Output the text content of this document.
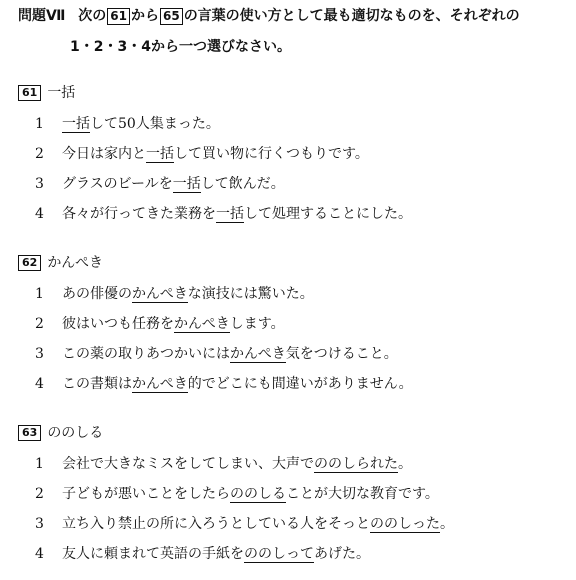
問題Ⅶ 次の 61 から 65 の言葉の使い方として最も適切なものを、それぞれの
1・2・3・4から一つ選びなさい。
61 一括
1 一括して50人集まった。
2 今日は家内と一括して買い物に行くつもりです。
3 グラスのビールを一括して飲んだ。
4 各々が行ってきた業務を一括して処理することにした。
62 かんぺき
1 あの俳優のかんぺきな演技には驚いた。
2 彼はいつも任務をかんぺきします。
3 この薬の取りあつかいにはかんぺき気をつけること。
4 この書類はかんぺき的でどこにも間違いがありません。
63 ののしる
1 会社で大きなミスをしてしまい、大声でののしられた。
2 子どもが悪いことをしたらののしることが大切な教育です。
3 立ち入り禁止の所に入ろうとしている人をそっとののしった。
4 友人に頼まれて英語の手紙をののしってあげた。
